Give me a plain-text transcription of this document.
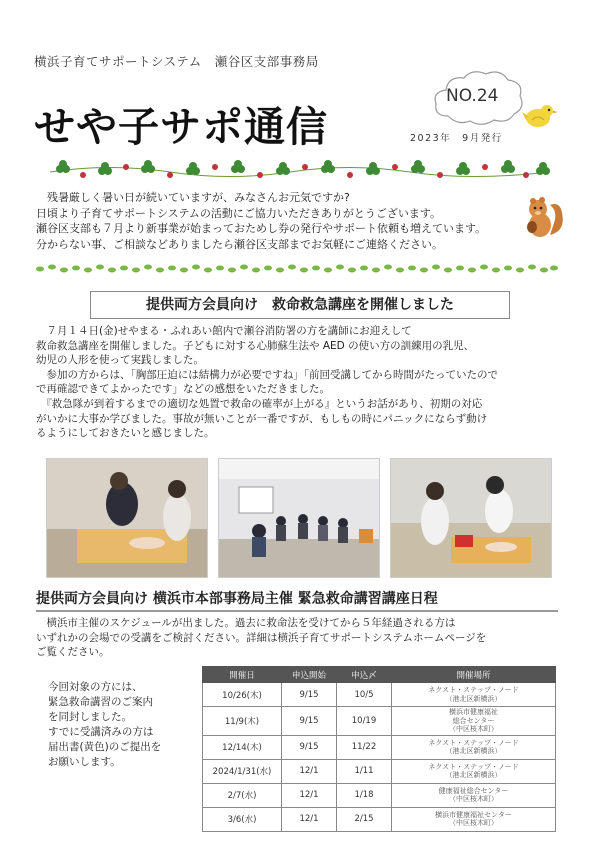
横浜子育てサポートシステム　瀬谷区支部事務局
せや子サポ通信
NO.24
2023年　9月発行

　残暑厳しく暑い日が続いていますが、みなさんお元気ですか?

日頃より子育てサポートシステムの活動にご協力いただきありがとうございます。

瀬谷区支部も７月より新事業が始まっておためし券の発行やサポート依頼も増えています。

分からない事、ご相談などありましたら瀬谷区支部までお気軽にご連絡ください。

提供両方会員向け　救命救急講座を開催しました

　７月１４日(金)せやまる・ふれあい館内で瀬谷消防署の方を講師にお迎えして

救命救急講座を開催しました。子どもに対する心肺蘇生法や AED の使い方の訓練用の乳児、

幼児の人形を使って実践しました。

　参加の方からは、「胸部圧迫には結構力が必要ですね」「前回受講してから時間がたっていたので

で再確認できてよかったです」などの感想をいただきました。

　『救急隊が到着するまでの適切な処置で救命の確率が上がる』というお話があり、初期の対応

がいかに大事か学びました。事故が無いことが一番ですが、もしもの時にパニックにならず動け

るようにしておきたいと感じました。

提供両方会員向け 横浜市本部事務局主催 緊急救命講習講座日程

　横浜市主催のスケジュールが出ました。過去に救命法を受けてから５年経過される方は

いずれかの会場での受講をご検討ください。詳細は横浜子育てサポートシステムホームページを

ご覧ください。

今回対象の方には、

緊急救命講習のご案内

を同封しました。

すでに受講済みの方は

届出書(黄色)のご提出を

お願いします。

開催日	申込開始	申込〆	開催場所
10/26(木)	9/15	10/5	ネクスト・ステップ・ノード
（港北区新横浜）

11/9(木)	9/15	10/19	横浜市健康福祉
総合センター
（中区桜木町）

12/14(木)	9/15	11/22	ネクスト・ステップ・ノード
（港北区新横浜）

2024/1/31(水)	12/1	1/11	ネクスト・ステップ・ノード
（港北区新横浜）

2/7(水)	12/1	1/18	健康福祉総合センター
（中区桜木町）

3/6(水)	12/1	2/15	横浜市健康福祉センター
（中区桜木町）
